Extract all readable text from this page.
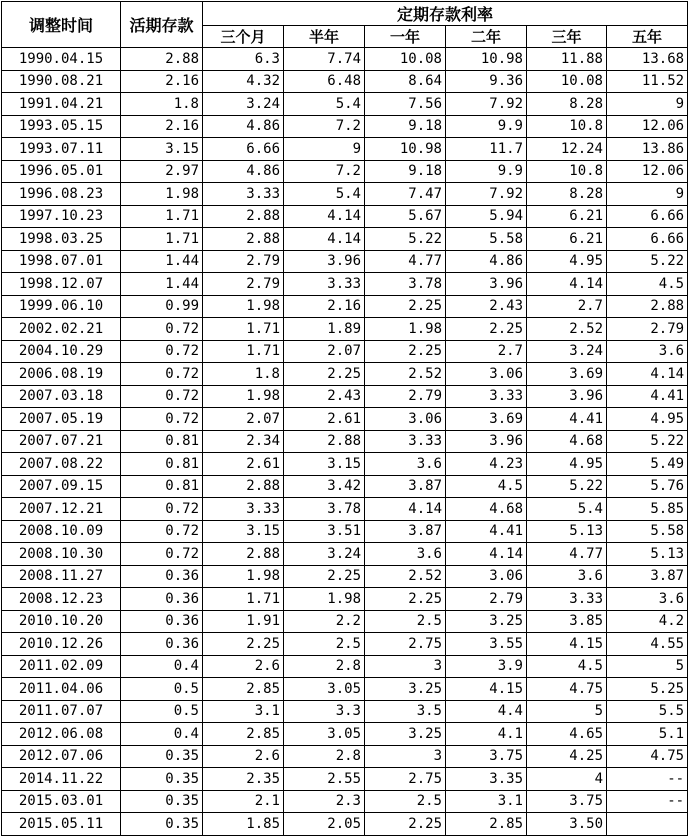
调整时间	活期存款	定期存款利率					
		三个月	半年	一年	二年	三年	五年
1990.04.15	2.88	6.3	7.74	10.08	10.98	11.88	13.68
1990.08.21	2.16	4.32	6.48	8.64	9.36	10.08	11.52
1991.04.21	1.8	3.24	5.4	7.56	7.92	8.28	9
1993.05.15	2.16	4.86	7.2	9.18	9.9	10.8	12.06
1993.07.11	3.15	6.66	9	10.98	11.7	12.24	13.86
1996.05.01	2.97	4.86	7.2	9.18	9.9	10.8	12.06
1996.08.23	1.98	3.33	5.4	7.47	7.92	8.28	9
1997.10.23	1.71	2.88	4.14	5.67	5.94	6.21	6.66
1998.03.25	1.71	2.88	4.14	5.22	5.58	6.21	6.66
1998.07.01	1.44	2.79	3.96	4.77	4.86	4.95	5.22
1998.12.07	1.44	2.79	3.33	3.78	3.96	4.14	4.5
1999.06.10	0.99	1.98	2.16	2.25	2.43	2.7	2.88
2002.02.21	0.72	1.71	1.89	1.98	2.25	2.52	2.79
2004.10.29	0.72	1.71	2.07	2.25	2.7	3.24	3.6
2006.08.19	0.72	1.8	2.25	2.52	3.06	3.69	4.14
2007.03.18	0.72	1.98	2.43	2.79	3.33	3.96	4.41
2007.05.19	0.72	2.07	2.61	3.06	3.69	4.41	4.95
2007.07.21	0.81	2.34	2.88	3.33	3.96	4.68	5.22
2007.08.22	0.81	2.61	3.15	3.6	4.23	4.95	5.49
2007.09.15	0.81	2.88	3.42	3.87	4.5	5.22	5.76
2007.12.21	0.72	3.33	3.78	4.14	4.68	5.4	5.85
2008.10.09	0.72	3.15	3.51	3.87	4.41	5.13	5.58
2008.10.30	0.72	2.88	3.24	3.6	4.14	4.77	5.13
2008.11.27	0.36	1.98	2.25	2.52	3.06	3.6	3.87
2008.12.23	0.36	1.71	1.98	2.25	2.79	3.33	3.6
2010.10.20	0.36	1.91	2.2	2.5	3.25	3.85	4.2
2010.12.26	0.36	2.25	2.5	2.75	3.55	4.15	4.55
2011.02.09	0.4	2.6	2.8	3	3.9	4.5	5
2011.04.06	0.5	2.85	3.05	3.25	4.15	4.75	5.25
2011.07.07	0.5	3.1	3.3	3.5	4.4	5	5.5
2012.06.08	0.4	2.85	3.05	3.25	4.1	4.65	5.1
2012.07.06	0.35	2.6	2.8	3	3.75	4.25	4.75
2014.11.22	0.35	2.35	2.55	2.75	3.35	4	--
2015.03.01	0.35	2.1	2.3	2.5	3.1	3.75	--
2015.05.11	0.35	1.85	2.05	2.25	2.85	3.50	
